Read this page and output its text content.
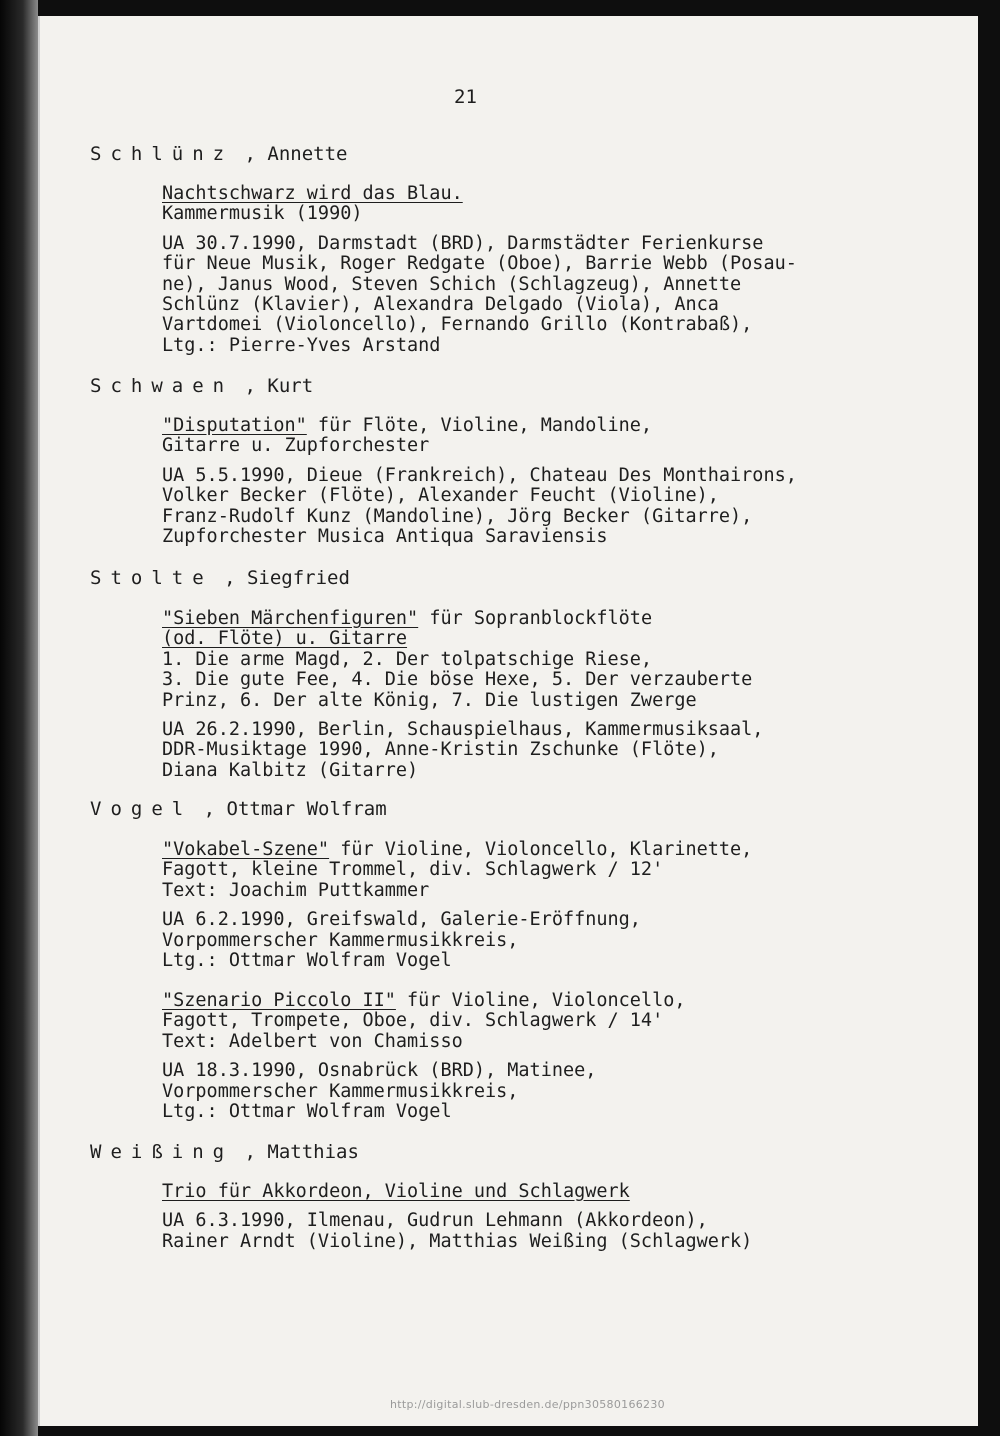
21
Schlünz , Annette
Nachtschwarz wird das Blau.
Kammermusik (1990)
UA 30.7.1990, Darmstadt (BRD), Darmstädter Ferienkurse
für Neue Musik, Roger Redgate (Oboe), Barrie Webb (Posau-
ne), Janus Wood, Steven Schich (Schlagzeug), Annette
Schlünz (Klavier), Alexandra Delgado (Viola), Anca
Vartdomei (Violoncello), Fernando Grillo (Kontrabaß),
Ltg.: Pierre-Yves Arstand
Schwaen , Kurt
"Disputation" für Flöte, Violine, Mandoline,
Gitarre u. Zupforchester
UA 5.5.1990, Dieue (Frankreich), Chateau Des Monthairons,
Volker Becker (Flöte), Alexander Feucht (Violine),
Franz-Rudolf Kunz (Mandoline), Jörg Becker (Gitarre),
Zupforchester Musica Antiqua Saraviensis
Stolte , Siegfried
"Sieben Märchenfiguren" für Sopranblockflöte
(od. Flöte) u. Gitarre
1. Die arme Magd, 2. Der tolpatschige Riese,
3. Die gute Fee, 4. Die böse Hexe, 5. Der verzauberte
Prinz, 6. Der alte König, 7. Die lustigen Zwerge
UA 26.2.1990, Berlin, Schauspielhaus, Kammermusiksaal,
DDR-Musiktage 1990, Anne-Kristin Zschunke (Flöte),
Diana Kalbitz (Gitarre)
Vogel , Ottmar Wolfram
"Vokabel-Szene" für Violine, Violoncello, Klarinette,
Fagott, kleine Trommel, div. Schlagwerk / 12'
Text: Joachim Puttkammer
UA 6.2.1990, Greifswald, Galerie-Eröffnung,
Vorpommerscher Kammermusikkreis,
Ltg.: Ottmar Wolfram Vogel
"Szenario Piccolo II" für Violine, Violoncello,
Fagott, Trompete, Oboe, div. Schlagwerk / 14'
Text: Adelbert von Chamisso
UA 18.3.1990, Osnabrück (BRD), Matinee,
Vorpommerscher Kammermusikkreis,
Ltg.: Ottmar Wolfram Vogel
Weißing , Matthias
Trio für Akkordeon, Violine und Schlagwerk
UA 6.3.1990, Ilmenau, Gudrun Lehmann (Akkordeon),
Rainer Arndt (Violine), Matthias Weißing (Schlagwerk)
http://digital.slub-dresden.de/ppn30580166230
